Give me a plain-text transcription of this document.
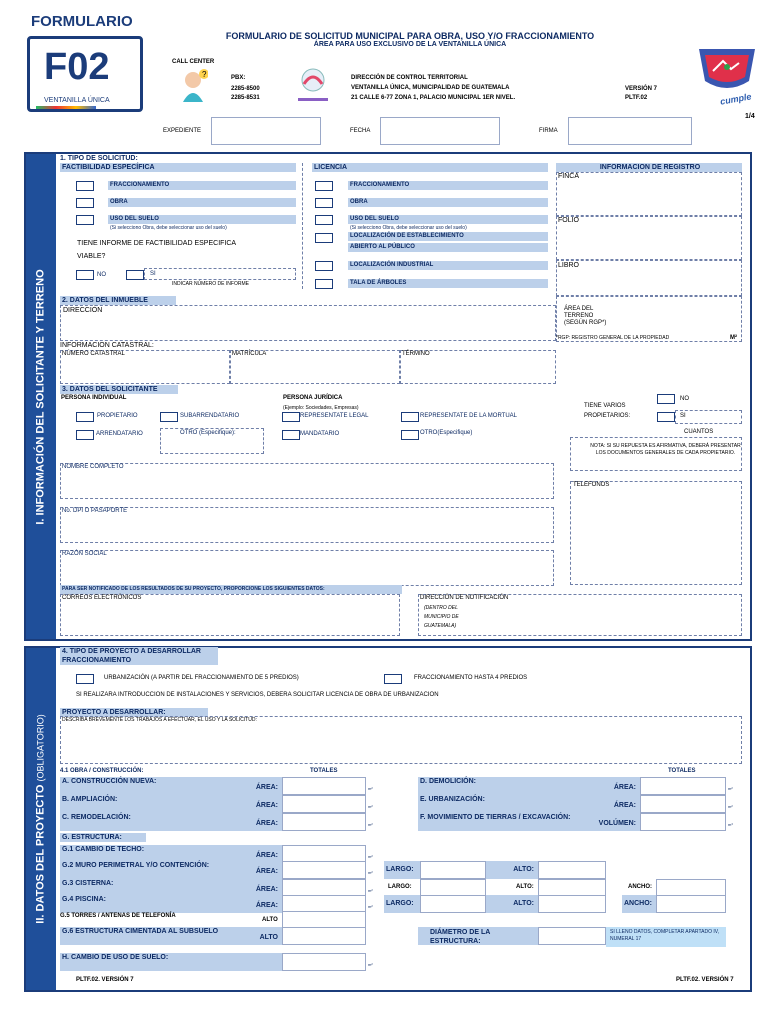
FORMULARIO
F02
VENTANILLA ÚNICA
FORMULARIO DE SOLICITUD MUNICIPAL PARA OBRA, USO Y/O FRACCIONAMIENTO
ÁREA PARA USO EXCLUSIVO DE LA VENTANILLA ÚNICA
CALL CENTER
?	PBX:
2285-8500
2285-8531
DIRECCIÓN DE CONTROL TERRITORIAL
VENTANILLA ÚNICA, MUNICIPALIDAD DE GUATEMALA
21 CALLE 6-77 ZONA 1, PALACIO MUNICIPAL 1ER NIVEL.
VERSIÓN 7
PLTF.02	cumple
1/4
EXPEDIENTE	FECHA	FIRMA
I. INFORMACIÓN DEL SOLICITANTE Y TERRENO
1. TIPO DE SOLICITUD:
FACTIBILIDAD ESPECÍFICA	LICENCIA	INFORMACION DE REGISTRO
FRACCIONAMIENTO
OBRA
USO DEL SUELO
(Si selecciono Obra, debe seleccionar uso del suelo)
TIENE INFORME DE FACTIBILIDAD ESPECIFICA
VIABLE?
NO	SI
INDICAR NÚMERO DE INFORME
FRACCIONAMIENTO
OBRA
USO DEL SUELO
(Si selecciono Obra, debe seleccionar uso del suelo)
LOCALIZACIÓN DE ESTABLECIMIENTO
ABIERTO AL PÚBLICO
LOCALIZACIÓN INDUSTRIAL
TALA DE ÁRBOLES
FINCA
FOLIO
LIBRO
2. DATOS DEL INMUEBLE
DIRECCIÓN	ÁREA DEL TERRENO (SEGÚN RGP*)
*RGP: REGISTRO GENERAL DE LA PROPIEDAD	M²
INFORMACION CATASTRAL:
NÚMERO CATASTRAL	MATRÍCULA	TÉRMINO
3. DATOS DEL SOLICITANTE
PERSONA INDIVIDUAL	PERSONA JURÍDICA
(Ejemplo: Sociedades, Empresas)
PROPIETARIO	SUBARRENDATARIO	REPRESENTATE LEGAL	REPRESENTATE DE LA MORTUAL
ARRENDATARIO	OTRO (Especifique):	MANDATARIO	OTRO(Especifique)
NO
TIENE VARIOS
PROPIETARIOS:	SI
CUANTOS
NOTA: SI SU REPUESTA ES AFIRMATIVA, DEBERÁ PRESENTAR LOS DOCUMENTOS GENERALES DE CADA PROPIETARIO.
NOMBRE COMPLETO
TELEFONOS
No. DPI O PASAPORTE
RAZÓN SOCIAL
PARA SER NOTIFICADO DE LOS RESULTADOS DE SU PROYECTO, PROPORCIONE LOS SIGUIENTES DATOS:
CORREOS ELECTRÓNICOS	DIRECCIÓN DE NOTIFICACIÓN
(DENTRO DEL
MUNICIPIO DE
GUATEMALA)
II. DATOS DEL PROYECTO (OBLIGATORIO)
4. TIPO DE PROYECTO A DESARROLLAR
FRACCIONAMIENTO
URBANIZACIÓN (A PARTIR DEL FRACCIONAMIENTO DE 5 PREDIOS)	FRACCIONAMIENTO HASTA 4 PREDIOS
SI REALIZARA INTRODUCCION DE INSTALACIONES Y SERVICIOS, DEBERA SOLICITAR LICENCIA DE OBRA DE URBANIZACION
PROYECTO A DESARROLLAR:
DESCRIBA BREVEMENTE LOS TRABAJOS A EFECTUAR, EL USO Y LA SOLICITUD:
4.1 OBRA / CONSTRUCCIÓN:	TOTALES	TOTALES
A. CONSTRUCCIÓN NUEVA:
ÁREA:	m²
B. AMPLIACIÓN:
ÁREA:	m²
C. REMODELACIÓN:
ÁREA:	m²
D. DEMOLICIÓN:
ÁREA:	m²
E. URBANIZACIÓN:
ÁREA:	m²
F. MOVIMIENTO DE TIERRAS / EXCAVACIÓN:
VOLÚMEN:	m³
G. ESTRUCTURA:
G.1 CAMBIO DE TECHO:
ÁREA:	m²
G.2 MURO PERIMETRAL Y/O CONTENCIÓN:
ÁREA:	m² LARGO:	ALTO:
G.3 CISTERNA:
ÁREA:	m²
LARGO:	ALTO:	ANCHO:
G.4 PISCINA:
ÁREA:	m² LARGO:	ALTO:	ANCHO:
G.5 TORRES / ANTENAS DE TELEFONÍA
ALTO
G.6 ESTRUCTURA CIMENTADA AL SUBSUELO
ALTO
DIÁMETRO DE LA ESTRUCTURA:
SI LLENO DATOS, COMPLETAR APARTADO IV, NUMERAL 17
H. CAMBIO DE USO DE SUELO:
m²
PLTF.02. VERSIÓN 7	PLTF.02. VERSIÓN 7
